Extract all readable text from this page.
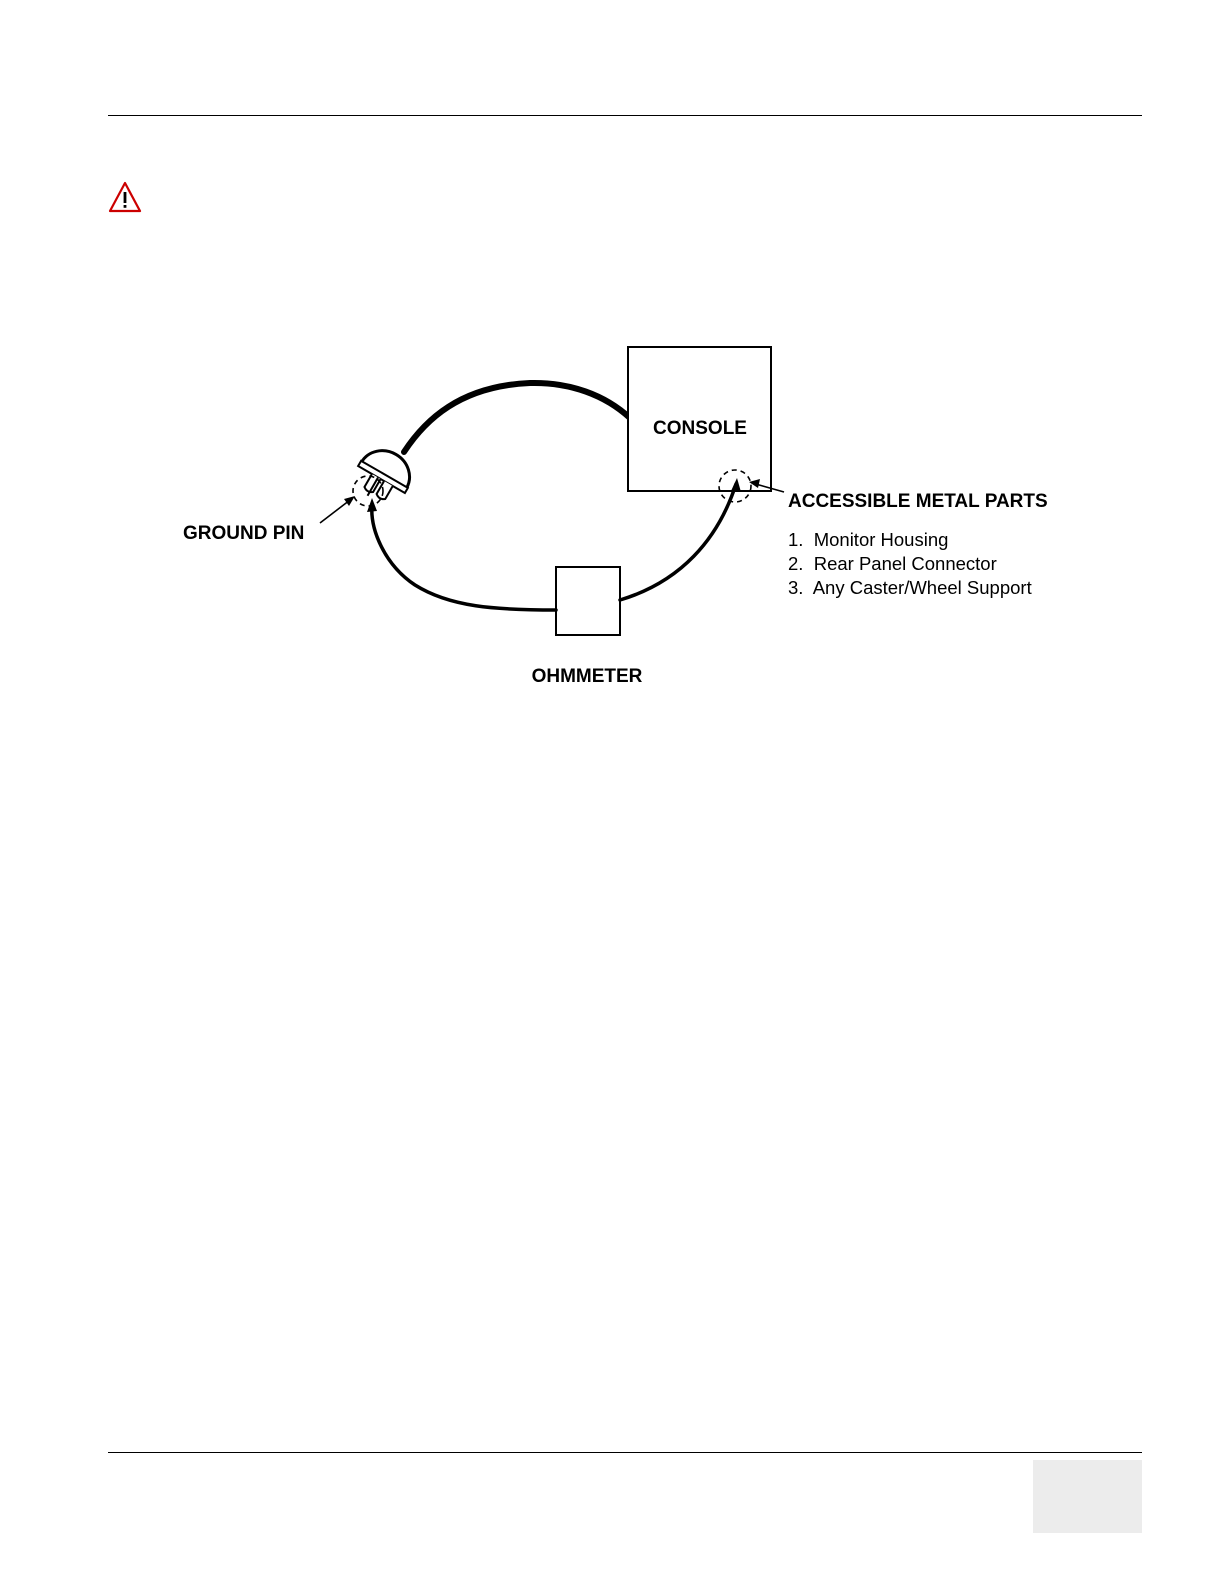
CONSOLE
OHMMETER
GROUND PIN
ACCESSIBLE METAL PARTS
1.  Monitor Housing
2.  Rear Panel Connector
3.  Any Caster/Wheel Support
